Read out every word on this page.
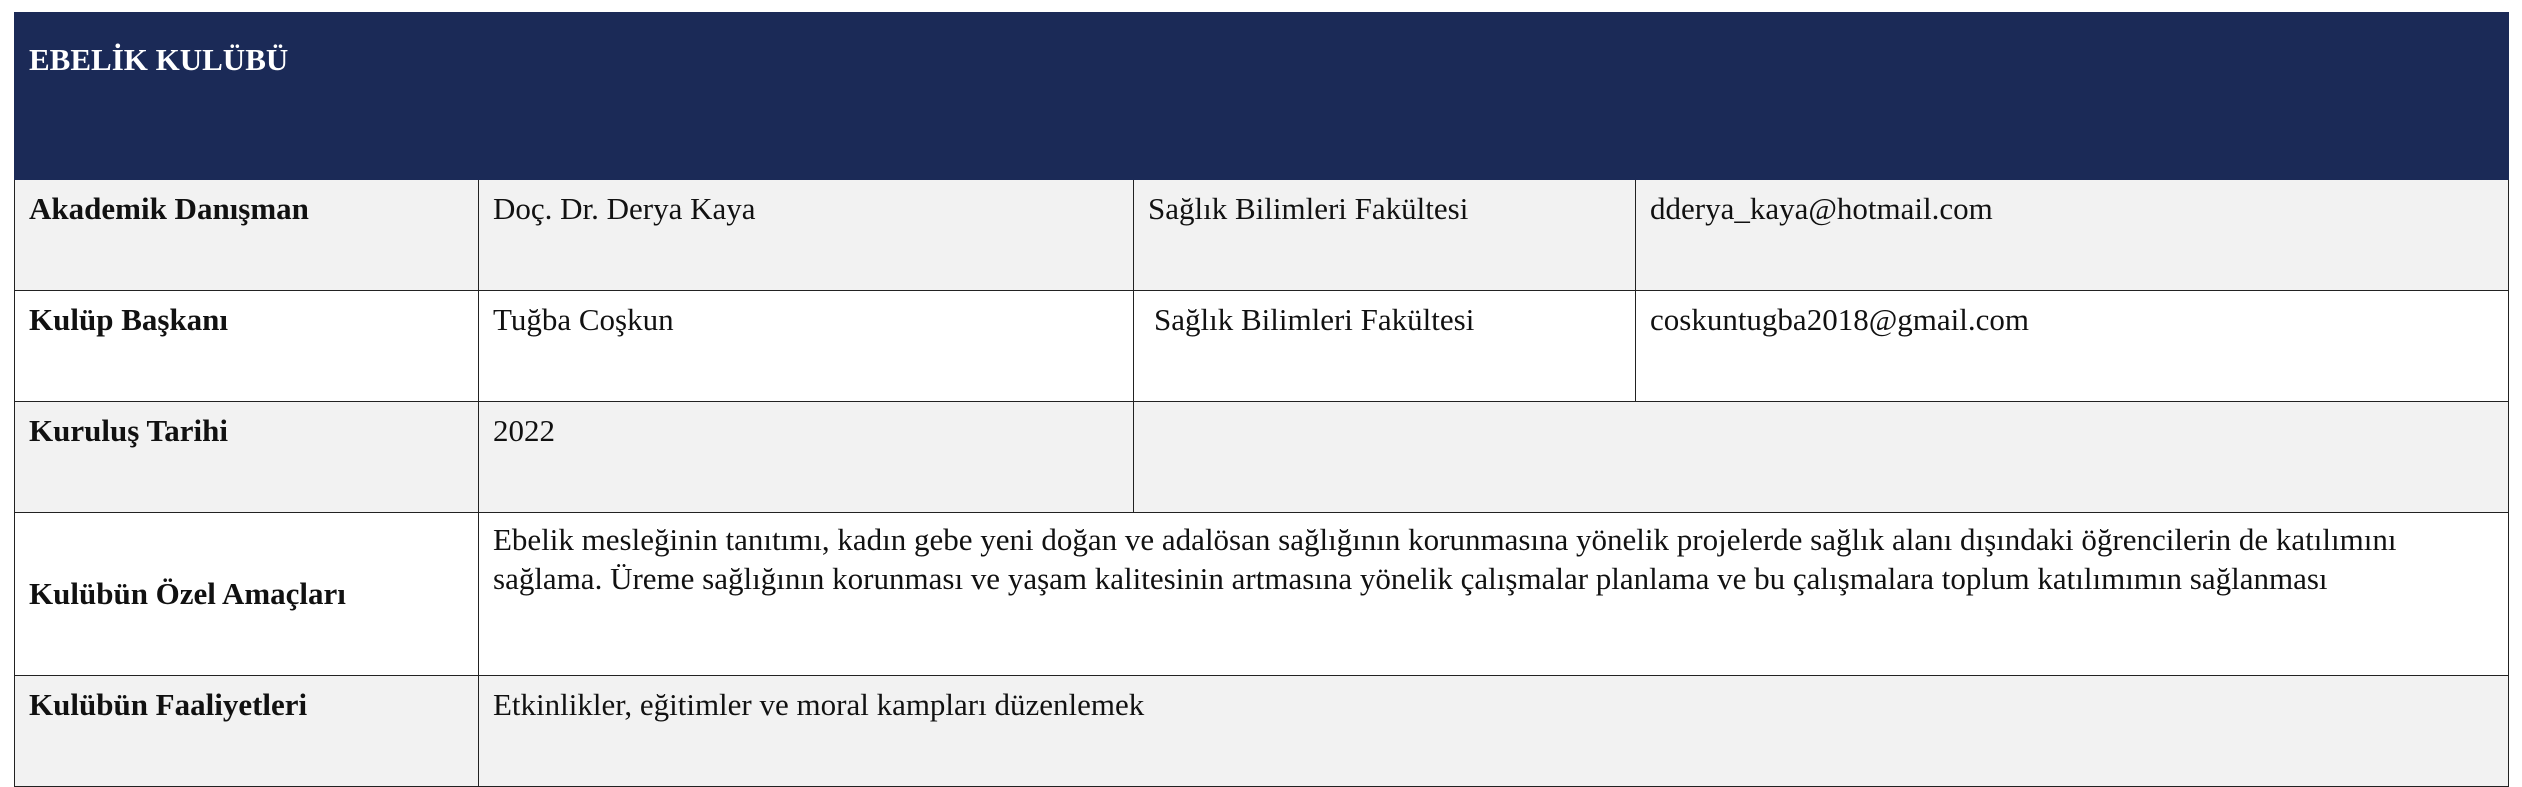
EBELİK KULÜBÜ			
Akademik Danışman	Doç. Dr. Derya Kaya	Sağlık Bilimleri Fakültesi	dderya_kaya@hotmail.com
Kulüp Başkanı	Tuğba Coşkun	Sağlık Bilimleri Fakültesi	coskuntugba2018@gmail.com
Kuruluş Tarihi	2022		
Kulübün Özel Amaçları	Ebelik mesleğinin tanıtımı, kadın gebe yeni doğan ve adalösan sağlığının korunmasına yönelik projelerde sağlık alanı dışındaki öğrencilerin de katılımını sağlama. Üreme sağlığının korunması ve yaşam kalitesinin artmasına yönelik çalışmalar planlama ve bu çalışmalara toplum katılımımın sağlanması		
Kulübün Faaliyetleri	Etkinlikler, eğitimler ve moral kampları düzenlemek		
